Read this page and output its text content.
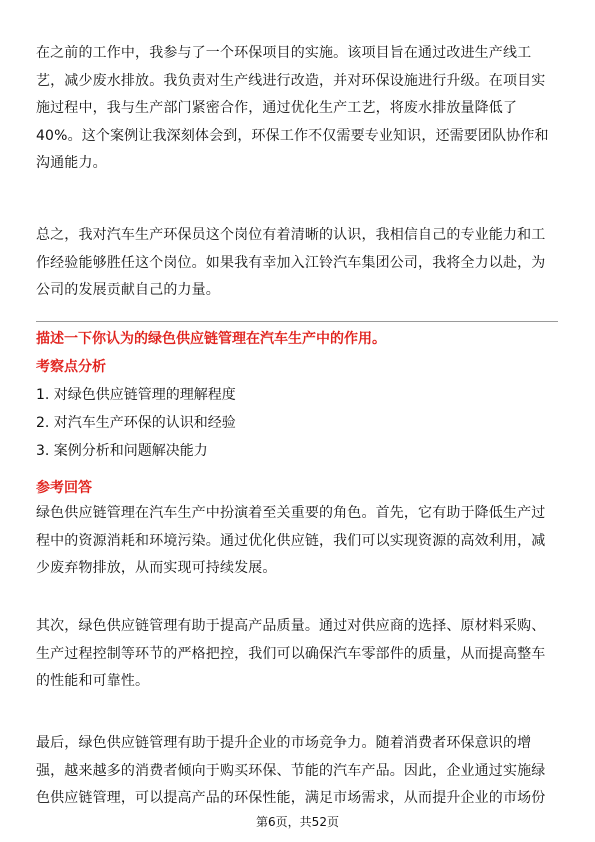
在之前的工作中，我参与了一个环保项目的实施。该项目旨在通过改进生产线工
艺，减少废水排放。我负责对生产线进行改造，并对环保设施进行升级。在项目实
施过程中，我与生产部门紧密合作，通过优化生产工艺，将废水排放量降低了
40%。这个案例让我深刻体会到，环保工作不仅需要专业知识，还需要团队协作和
沟通能力。

总之，我对汽车生产环保员这个岗位有着清晰的认识，我相信自己的专业能力和工
作经验能够胜任这个岗位。如果我有幸加入江铃汽车集团公司，我将全力以赴，为
公司的发展贡献自己的力量。

描述一下你认为的绿色供应链管理在汽车生产中的作用。
考察点分析
1. 对绿色供应链管理的理解程度
2. 对汽车生产环保的认识和经验
3. 案例分析和问题解决能力
参考回答

绿色供应链管理在汽车生产中扮演着至关重要的角色。首先，它有助于降低生产过
程中的资源消耗和环境污染。通过优化供应链，我们可以实现资源的高效利用，减
少废弃物排放，从而实现可持续发展。

其次，绿色供应链管理有助于提高产品质量。通过对供应商的选择、原材料采购、
生产过程控制等环节的严格把控，我们可以确保汽车零部件的质量，从而提高整车
的性能和可靠性。

最后，绿色供应链管理有助于提升企业的市场竞争力。随着消费者环保意识的增
强，越来越多的消费者倾向于购买环保、节能的汽车产品。因此，企业通过实施绿
色供应链管理，可以提高产品的环保性能，满足市场需求，从而提升企业的市场份

第6页，共52页
